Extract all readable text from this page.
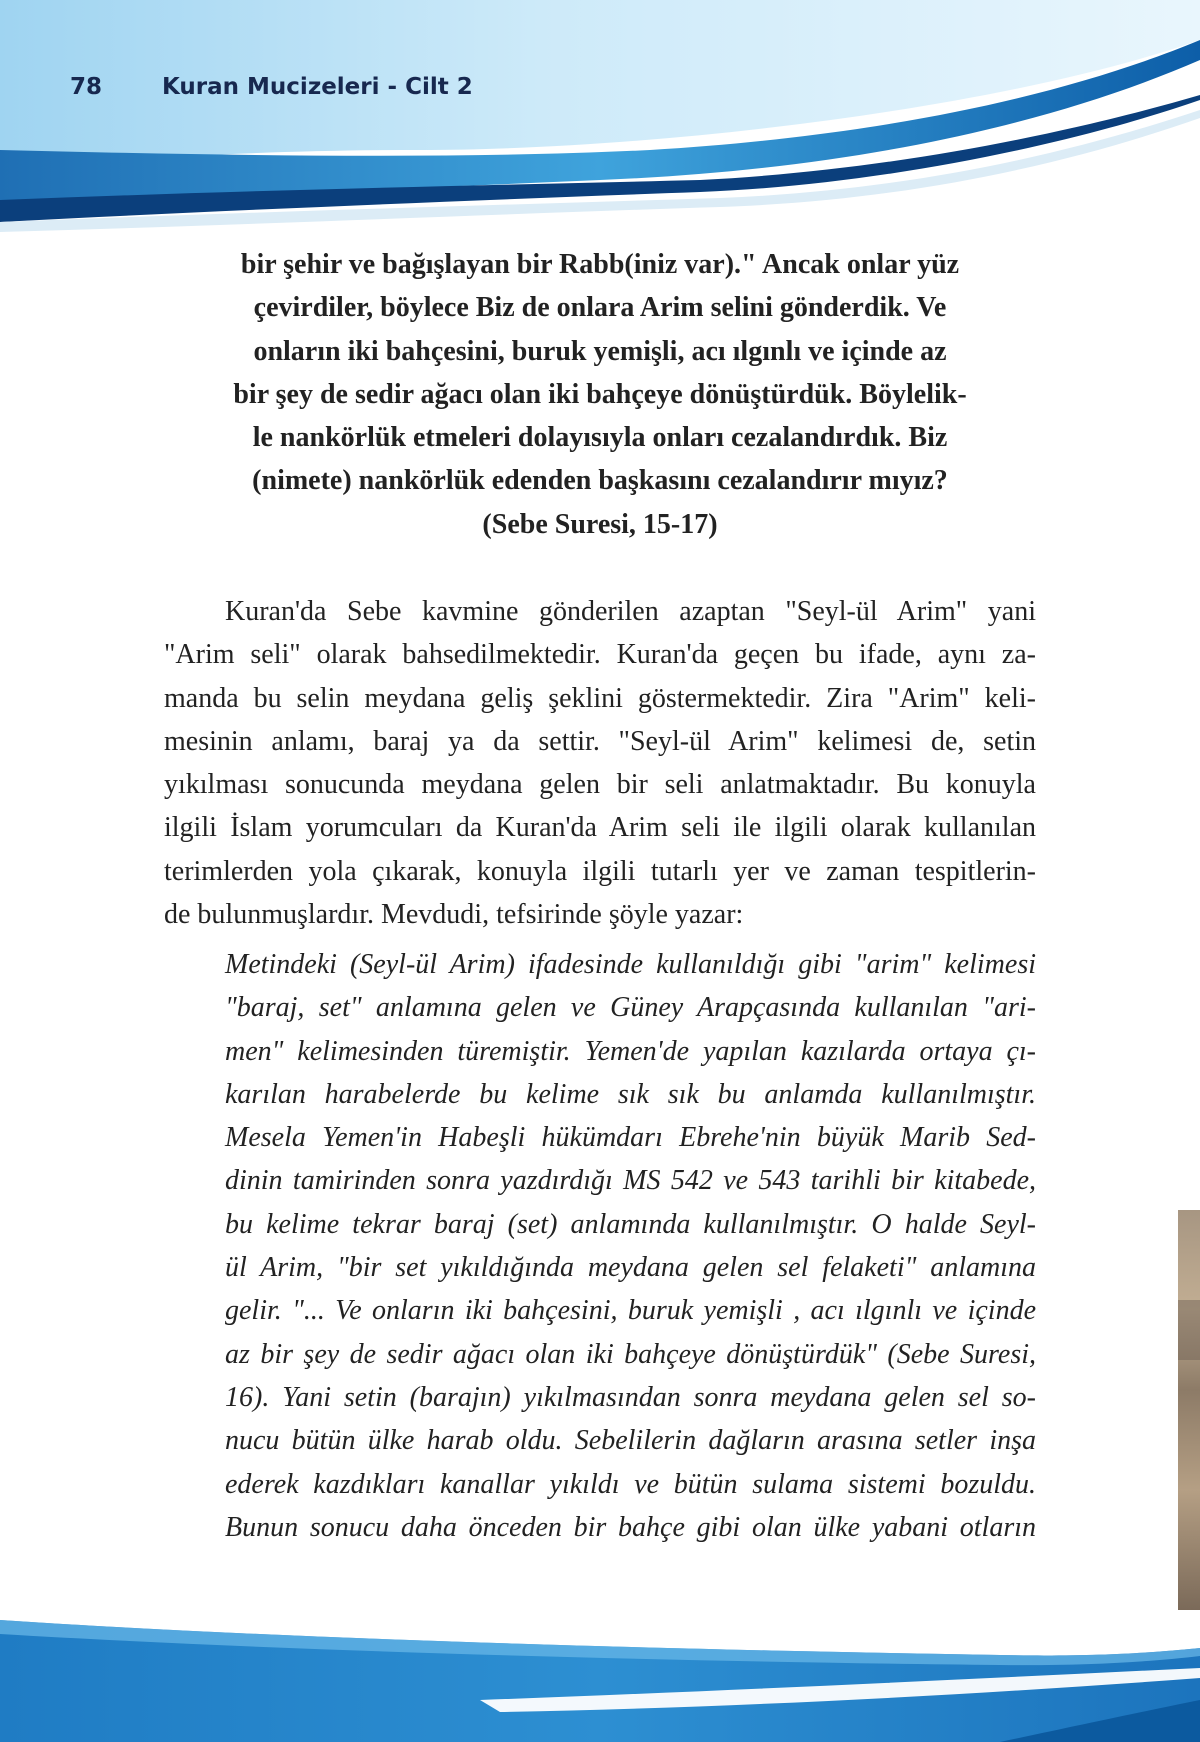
78	Kuran Mucizeleri - Cilt 2
bir şehir ve bağışlayan bir Rabb(iniz var)." Ancak onlar yüz
çevirdiler, böylece Biz de onlara Arim selini gönderdik. Ve
onların iki bahçesini, buruk yemişli, acı ılgınlı ve içinde az
bir şey de sedir ağacı olan iki bahçeye dönüştürdük. Böylelik-
le nankörlük etmeleri dolayısıyla onları cezalandırdık. Biz
(nimete) nankörlük edenden başkasını cezalandırır mıyız?
(Sebe Suresi, 15-17)
Kuran'da Sebe kavmine gönderilen azaptan "Seyl-ül Arim" yani
"Arim seli" olarak bahsedilmektedir. Kuran'da geçen bu ifade, aynı za-
manda bu selin meydana geliş şeklini göstermektedir. Zira "Arim" keli-
mesinin anlamı, baraj ya da settir. "Seyl-ül Arim" kelimesi de, setin
yıkılması sonucunda meydana gelen bir seli anlatmaktadır. Bu konuyla
ilgili İslam yorumcuları da Kuran'da Arim seli ile ilgili olarak kullanılan
terimlerden yola çıkarak, konuyla ilgili tutarlı yer ve zaman tespitlerin-
de bulunmuşlardır. Mevdudi, tefsirinde şöyle yazar:
Metindeki (Seyl-ül Arim) ifadesinde kullanıldığı gibi "arim" kelimesi
"baraj, set" anlamına gelen ve Güney Arapçasında kullanılan "ari-
men" kelimesinden türemiştir. Yemen'de yapılan kazılarda ortaya çı-
karılan harabelerde bu kelime sık sık bu anlamda kullanılmıştır.
Mesela Yemen'in Habeşli hükümdarı Ebrehe'nin büyük Marib Sed-
dinin tamirinden sonra yazdırdığı MS 542 ve 543 tarihli bir kitabede,
bu kelime tekrar baraj (set) anlamında kullanılmıştır. O halde Seyl-
ül Arim, "bir set yıkıldığında meydana gelen sel felaketi" anlamına
gelir. "... Ve onların iki bahçesini, buruk yemişli , acı ılgınlı ve içinde
az bir şey de sedir ağacı olan iki bahçeye dönüştürdük" (Sebe Suresi,
16). Yani setin (barajın) yıkılmasından sonra meydana gelen sel so-
nucu bütün ülke harab oldu. Sebelilerin dağların arasına setler inşa
ederek kazdıkları kanallar yıkıldı ve bütün sulama sistemi bozuldu.
Bunun sonucu daha önceden bir bahçe gibi olan ülke yabani otların
